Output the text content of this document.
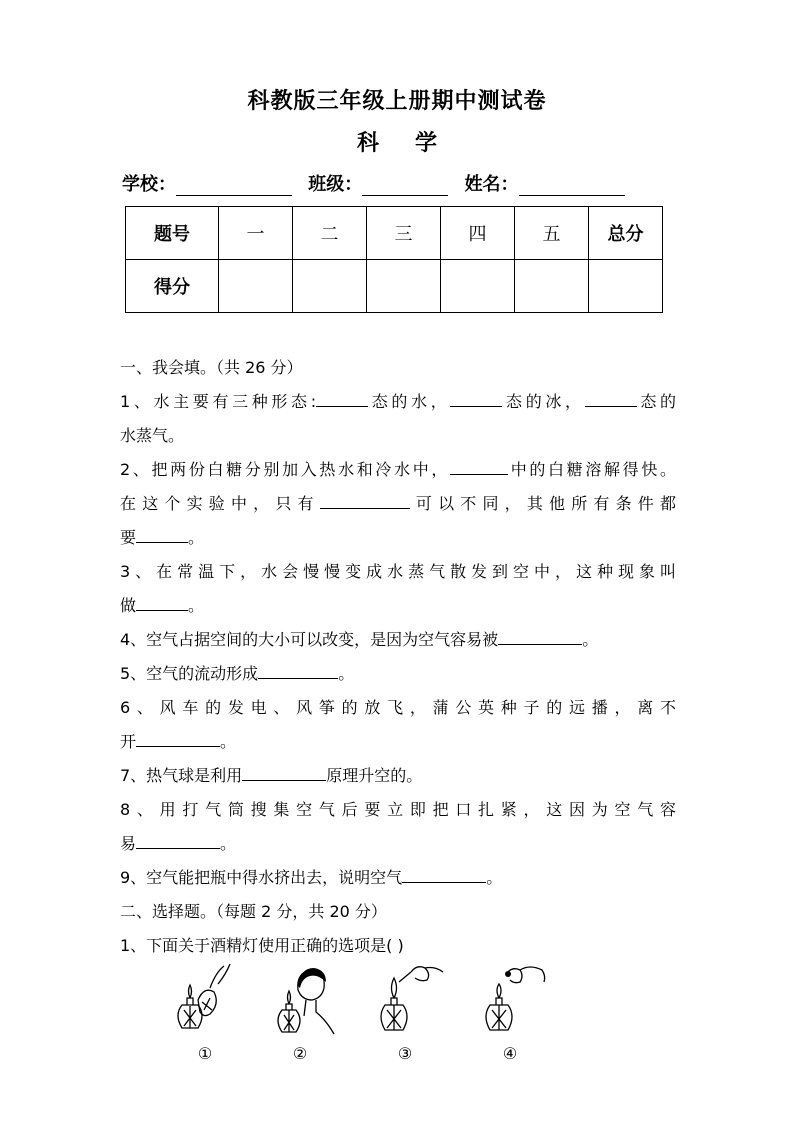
科教版三年级上册期中测试卷
科 学
学校：	班级：	姓名：
题号	一	二	三	四	五	总分
得分						
一、我会填。（共 26 分）
1、水主要有三种形态:	态的水，	态的冰，	态的
水蒸气。
2、把两份白糖分别加入热水和冷水中，	中的白糖溶解得快。
在这个实验中，只有	可以不同，其他所有条件都
要	。
3、在常温下，水会慢慢变成水蒸气散发到空中，这种现象叫
做	。
4、空气占据空间的大小可以改变，是因为空气容易被	。
5、空气的流动形成	。
6、风车的发电、风筝的放飞，蒲公英种子的远播，离不
开	。
7、热气球是利用	原理升空的。
8、用打气筒搜集空气后要立即把口扎紧，这因为空气容
易	。
9、空气能把瓶中得水挤出去，说明空气	。
二、选择题。（每题 2 分，共 20 分）
1、下面关于酒精灯使用正确的选项是( )
①	②	③	④
